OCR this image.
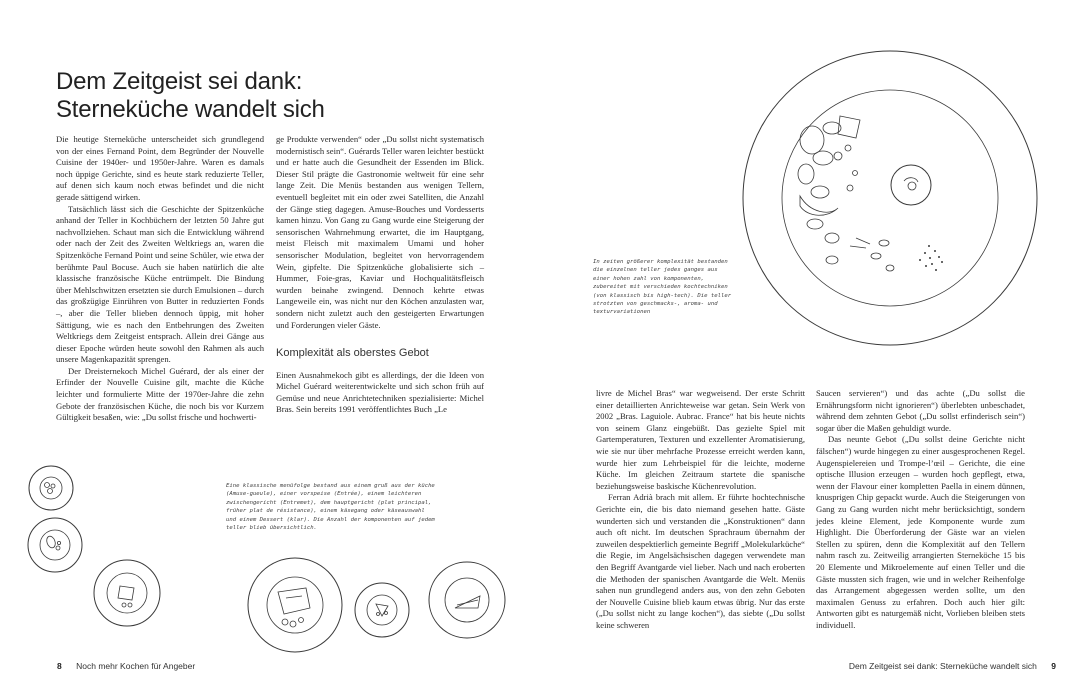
Dem Zeitgeist sei dank:
Sterneküche wandelt sich

Die heutige Sterneküche unterscheidet sich grundlegend von der eines Fernand Point, dem Begründer der Nouvelle Cuisine der 1940er- und 1950er-Jahre. Waren es damals noch üppige Gerichte, sind es heute stark reduzierte Teller, auf denen sich kaum noch etwas befindet und die nicht gerade sättigend wirken.

Tatsächlich lässt sich die Geschichte der Spitzenküche anhand der Teller in Kochbüchern der letzten 50 Jahre gut nachvollziehen. Schaut man sich die Entwicklung während oder nach der Zeit des Zweiten Weltkriegs an, waren die Spitzenköche Fernand Point und seine Schüler, wie etwa der berühmte Paul Bocuse. Auch sie haben natürlich die alte klassische französische Küche entrümpelt. Die Bindung über Mehlschwitzen ersetzten sie durch Emulsionen – durch das großzügige Einrühren von Butter in reduzierten Fonds –, aber die Teller blieben dennoch üppig, mit hoher Sättigung, wie es nach den Entbehrungen des Zweiten Weltkriegs dem Zeitgeist entsprach. Allein drei Gänge aus dieser Epoche würden heute sowohl den Rahmen als auch unsere Magenkapazität sprengen.

Der Dreisternekoch Michel Guérard, der als einer der Erfinder der Nouvelle Cuisine gilt, machte die Küche leichter und formulierte Mitte der 1970er-Jahre die zehn Gebote der französischen Küche, die noch bis vor Kurzem Gültigkeit besaßen, wie: „Du sollst frische und hochwerti-

ge Produkte verwenden“ oder „Du sollst nicht systematisch modernistisch sein“. Guérards Teller waren leichter bestückt und er hatte auch die Gesundheit der Essenden im Blick. Dieser Stil prägte die Gastronomie weltweit für eine sehr lange Zeit. Die Menüs bestanden aus wenigen Tellern, eventuell begleitet mit ein oder zwei Satelliten, die Anzahl der Gänge stieg dagegen. Amuse-Bouches und Vordesserts kamen hinzu. Von Gang zu Gang wurde eine Steigerung der sensorischen Wahrnehmung erwartet, die im Hauptgang, meist Fleisch mit maximalem Umami und hoher sensorischer Modulation, begleitet von hervorragendem Wein, gipfelte. Die Spitzenküche globalisierte sich – Hummer, Foie-gras, Kaviar und Hochqualitätsfleisch wurden beinahe zwingend. Dennoch kehrte etwas Langeweile ein, was nicht nur den Köchen anzulasten war, sondern nicht zuletzt auch den gesteigerten Erwartungen und Forderungen vieler Gäste.

Komplexität als oberstes Gebot

Einen Ausnahmekoch gibt es allerdings, der die Ideen von Michel Guérard weiterentwickelte und sich schon früh auf Gemüse und neue Anrichtetechniken spezialisierte: Michel Bras. Sein bereits 1991 veröffentlichtes Buch „Le

Eine klassische menüfolge bestand aus einem gruß aus der küche (Amuse-gueule), einer vorspeise (Entrée), einem leichteren zwischengericht (Entremet), dem hauptgericht (plat principal, früher plat de résistance), einem käsegang oder käseauswahl und einem Dessert (klar). Die Anzahl der komponenten auf jedem teller blieb übersichtlich.
8 Noch mehr Kochen für Angeber
In zeiten größerer komplexität bestanden die einzelnen teller jedes ganges aus einer hohen zahl von komponenten, zubereitet mit verschieden kochtechniken (von klassisch bis high-tech). Die teller strotzten von geschmacks-, aroma- und texturvariationen

livre de Michel Bras“ war wegweisend. Der erste Schritt einer detaillierten Anrichteweise war getan. Sein Werk von 2002 „Bras. Laguiole. Aubrac. France“ hat bis heute nichts von seinem Glanz eingebüßt. Das gezielte Spiel mit Gartemperaturen, Texturen und exzellenter Aromatisierung, wie sie nur über mehrfache Prozesse erreicht werden kann, wurde hier zum Lehrbeispiel für die leichte, moderne Küche. Im gleichen Zeitraum startete die spanische beziehungsweise baskische Küchenrevolution.

Ferran Adrià brach mit allem. Er führte hochtechnische Gerichte ein, die bis dato niemand gesehen hatte. Gäste wunderten sich und verstanden die „Konstruktionen“ dann auch oft nicht. Im deutschen Sprachraum übernahm der zuweilen despektierlich gemeinte Begriff „Molekularküche“ die Regie, im Angelsächsischen dagegen verwendete man den Begriff Avantgarde viel lieber. Nach und nach eroberten die Methoden der spanischen Avantgarde die Welt. Menüs sahen nun grundlegend anders aus, von den zehn Geboten der Nouvelle Cuisine blieb kaum etwas übrig. Nur das erste („Du sollst nicht zu lange kochen“), das siebte („Du sollst keine schweren

Saucen servieren“) und das achte („Du sollst die Ernährungsform nicht ignorieren“) überlebten unbeschadet, während dem zehnten Gebot („Du sollst erfinderisch sein“) sogar über die Maßen gehuldigt wurde.

Das neunte Gebot („Du sollst deine Gerichte nicht fälschen“) wurde hingegen zu einer ausgesprochenen Regel. Augenspielereien und Trompe-l’œil – Gerichte, die eine optische Illusion erzeugen – wurden hoch gepflegt, etwa, wenn der Flavour einer kompletten Paella in einem dünnen, knusprigen Chip gepackt wurde. Auch die Steigerungen von Gang zu Gang wurden nicht mehr berücksichtigt, sondern jedes kleine Element, jede Komponente wurde zum Highlight. Die Überforderung der Gäste war an vielen Stellen zu spüren, denn die Komplexität auf den Tellern nahm rasch zu. Zeitweilig arrangierten Sterneköche 15 bis 20 Elemente und Mikroelemente auf einen Teller und die Gäste mussten sich fragen, wie und in welcher Reihenfolge das Arrangement abgegessen werden sollte, um den maximalen Genuss zu erfahren. Doch auch hier gilt: Antworten gibt es naturgemäß nicht, Vorlieben bleiben stets individuell.

Dem Zeitgeist sei dank: Sterneküche wandelt sich 9
